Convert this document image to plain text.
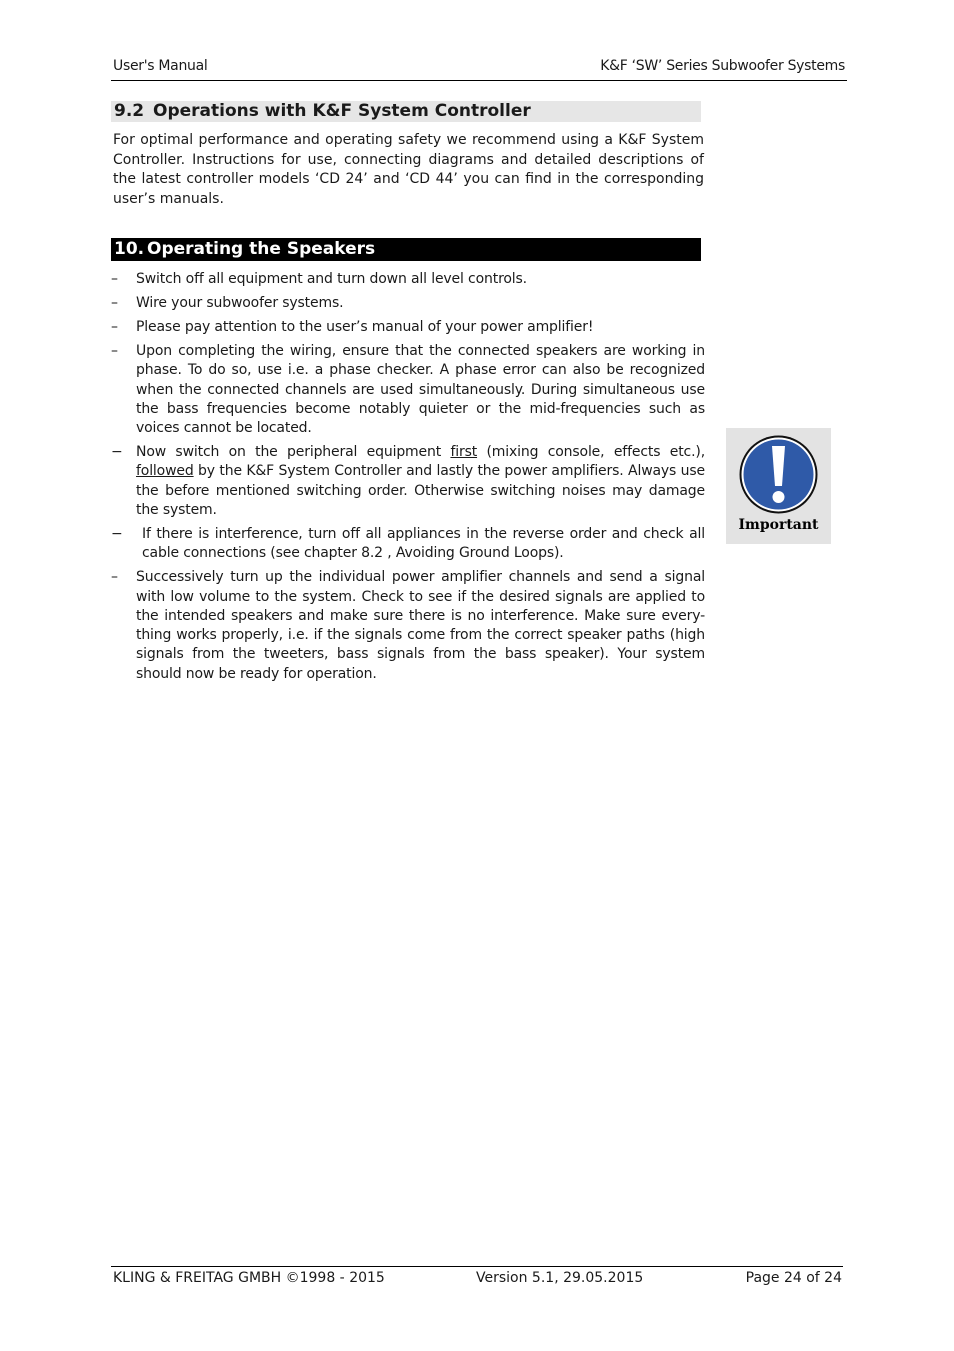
User's Manual	K&F ‘SW’ Series Subwoofer Systems
9.2 Operations with K&F System Controller

For optimal performance and operating safety we recommend using a K&F System Controller. Instructions for use, connecting diagrams and detailed descriptions of the latest controller models ‘CD 24’ and ‘CD 44’ you can find in the corresponding user’s manuals.

10. Operating the Speakers
–	Switch off all equipment and turn down all level controls.
–	Wire your subwoofer systems.
–	Please pay attention to the user’s manual of your power amplifier!
–	Upon completing the wiring, ensure that the connected speakers are working in phase. To do so, use i.e. a phase checker. A phase error can also be recognized when the connected channels are used simultaneously. During simultaneous use the bass frequencies become notably quieter or the mid-frequencies such as voices cannot be located.
− Now switch on the peripheral equipment first (mixing console, effects etc.), followed by the K&F System Controller and lastly the power amplifiers. Always use the before mentioned switching order. Otherwise switching noises may damage the system.
− If there is interference, turn off all appliances in the reverse order and check all cable connections (see chapter 8.2 , Avoiding Ground Loops).
–	Successively turn up the individual power amplifier channels and send a signal with low volume to the system. Check to see if the desired signals are applied to the intended speakers and make sure there is no interference. Make sure every-thing works properly, i.e. if the signals come from the correct speaker paths (high signals from the tweeters, bass signals from the bass speaker). Your system should now be ready for operation.
Important
KLING & FREITAG GMBH ©1998 - 2015	Version 5.1, 29.05.2015	Page 24 of 24
